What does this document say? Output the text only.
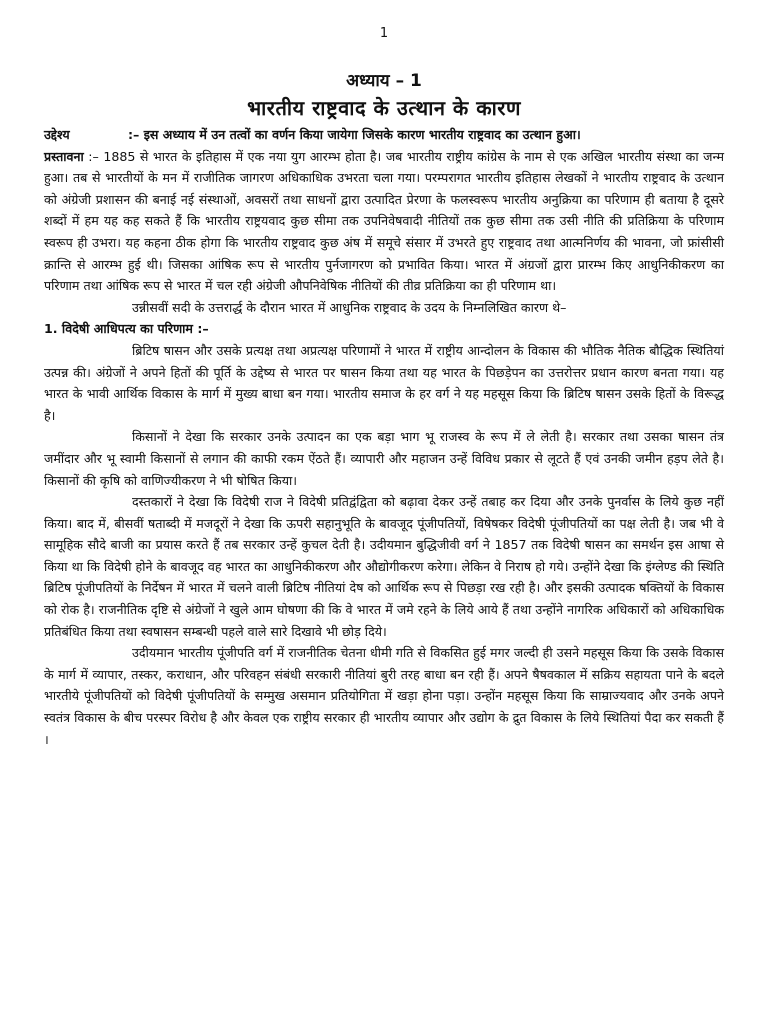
1
अध्याय – 1
भारतीय राष्ट्रवाद के उत्थान के कारण
उद्देश्य	:– इस अध्याय में उन तत्वों का वर्णन किया जायेगा जिसके कारण भारतीय राष्ट्रवाद का उत्थान हुआ।

प्रस्तावना :– 1885 से भारत के इतिहास में एक नया युग आरम्भ होता है। जब भारतीय राष्ट्रीय कांग्रेस के नाम से एक अखिल भारतीय संस्था का जन्म हुआ। तब से भारतीयों के मन में राजीतिक जागरण अधिकाधिक उभरता चला गया। परम्परागत भारतीय इतिहास लेखकों ने भारतीय राष्ट्रवाद के उत्थान को अंग्रेजी प्रशासन की बनाई नई संस्थाओं, अवसरों तथा साधनों द्वारा उत्पादित प्रेरणा के फलस्वरूप भारतीय अनुक्रिया का परिणाम ही बताया है दूसरे शब्दों में हम यह कह सकते हैं कि भारतीय राष्ट्रयवाद कुछ सीमा तक उपनिवेषवादी नीतियों तक कुछ सीमा तक उसी नीति की प्रतिक्रिया के परिणाम स्वरूप ही उभरा। यह कहना ठीक होगा कि भारतीय राष्ट्रवाद कुछ अंष में समूचे संसार में उभरते हुए राष्ट्रवाद तथा आत्मनिर्णय की भावना, जो फ्रांसीसी क्रान्ति से आरम्भ हुई थी। जिसका आंषिक रूप से भारतीय पुर्नजागरण को प्रभावित किया। भारत में अंग्रजों द्वारा प्रारम्भ किए आधुनिकीकरण का परिणाम तथा आंषिक रूप से भारत में चल रही अंग्रेजी औपनिवेषिक नीतियों की तीव्र प्रतिक्रिया का ही परिणाम था।

उन्नीसवीं सदी के उत्तरार्द्ध के दौरान भारत में आधुनिक राष्ट्रवाद के उदय के निम्नलिखित कारण थे–

1. विदेषी आधिपत्य का परिणाम :–

ब्रिटिष षासन और उसके प्रत्यक्ष तथा अप्रत्यक्ष परिणामों ने भारत में राष्ट्रीय आन्दोलन के विकास की भौतिक नैतिक बौद्धिक स्थितियां उत्पन्न की। अंग्रेजों ने अपने हितों की पूर्ति के उद्देष्य से भारत पर षासन किया तथा यह भारत के पिछड़ेपन का उत्तरोत्तर प्रधान कारण बनता गया। यह भारत के भावी आर्थिक विकास के मार्ग में मुख्य बाधा बन गया। भारतीय समाज के हर वर्ग ने यह महसूस किया कि ब्रिटिष षासन उसके हितों के विरूद्ध है।

किसानों ने देखा कि सरकार उनके उत्पादन का एक बड़ा भाग भू राजस्व के रूप में ले लेती है। सरकार तथा उसका षासन तंत्र जमींदार और भू स्वामी किसानों से लगान की काफी रकम ऐंठते हैं। व्यापारी और महाजन उन्हें विविध प्रकार से लूटते हैं एवं उनकी जमीन हड़प लेते है। किसानों की कृषि को वाणिज्यीकरण ने भी षोषित किया।

दस्तकारों ने देखा कि विदेषी राज ने विदेषी प्रतिद्वंद्विता को बढ़ावा देकर उन्हें तबाह कर दिया और उनके पुनर्वास के लिये कुछ नहीं किया। बाद में, बीसवीं षताब्दी में मजदूरों ने देखा कि ऊपरी सहानुभूति के बावजूद पूंजीपतियों, विषेषकर विदेषी पूंजीपतियों का पक्ष लेती है। जब भी वे सामूहिक सौदे बाजी का प्रयास करते हैं तब सरकार उन्हें कुचल देती है। उदीयमान बुद्धिजीवी वर्ग ने 1857 तक विदेषी षासन का समर्थन इस आषा से किया था कि विदेषी होने के बावजूद वह भारत का आधुनिकीकरण और औद्योगीकरण करेगा। लेकिन वे निराष हो गये। उन्होंने देखा कि इंग्लेण्ड की स्थिति ब्रिटिष पूंजीपतियों के निर्देषन में भारत में चलने वाली ब्रिटिष नीतियां देष को आर्थिक रूप से पिछड़ा रख रही है। और इसकी उत्पादक षक्तियों के विकास को रोक है। राजनीतिक दृष्टि से अंग्रेजों ने खुले आम घोषणा की कि वे भारत में जमे रहने के लिये आये हैं तथा उन्होंने नागरिक अधिकारों को अधिकाधिक प्रतिबंधित किया तथा स्वषासन सम्बन्धी पहले वाले सारे दिखावे भी छोड़ दिये।

उदीयमान भारतीय पूंजीपति वर्ग में राजनीतिक चेतना धीमी गति से विकसित हुई मगर जल्दी ही उसने महसूस किया कि उसके विकास के मार्ग में व्यापार, तस्कर, कराधान, और परिवहन संबंधी सरकारी नीतियां बुरी तरह बाधा बन रही हैं। अपने षैषवकाल में सक्रिय सहायता पाने के बदले भारतीये पूंजीपतियों को विदेषी पूंजीपतियों के सम्मुख असमान प्रतियोगिता में खड़ा होना पड़ा। उन्होंन महसूस किया कि साम्राज्यवाद और उनके अपने स्वतंत्र विकास के बीच परस्पर विरोध है और केवल एक राष्ट्रीय सरकार ही भारतीय व्यापार और उद्योग के द्रुत विकास के लिये स्थितियां पैदा कर सकती हैं ।
